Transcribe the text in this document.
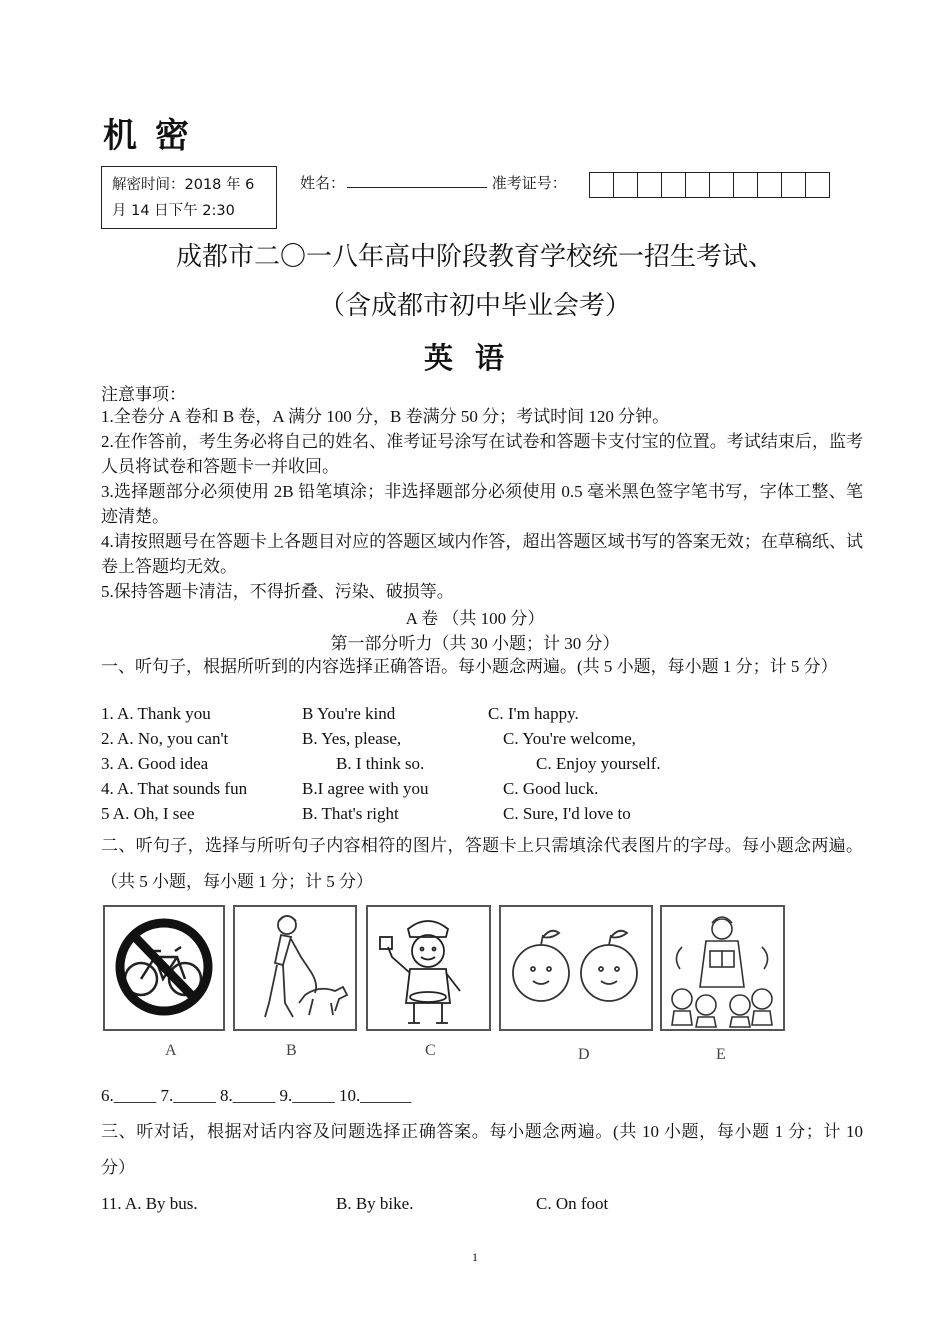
机密
解密时间：2018 年 6
月 14 日下午 2:30
姓名：	准考证号：
成都市二〇一八年高中阶段教育学校统一招生考试、
（含成都市初中毕业会考）
英语
注意事项：
1.全卷分 A 卷和 B 卷，A 满分 100 分，B 卷满分 50 分；考试时间 120 分钟。
2.在作答前，考生务必将自己的姓名、准考证号涂写在试卷和答题卡支付宝的位置。考试结束后，监考人员将试卷和答题卡一并收回。
3.选择题部分必须使用 2B 铅笔填涂；非选择题部分必须使用 0.5 毫米黑色签字笔书写，字体工整、笔迹清楚。
4.请按照题号在答题卡上各题目对应的答题区域内作答，超出答题区域书写的答案无效；在草稿纸、试卷上答题均无效。
5.保持答题卡清洁，不得折叠、污染、破损等。
A 卷 （共 100 分）
第一部分听力（共 30 小题；计 30 分）
一、听句子，根据所听到的内容选择正确答语。每小题念两遍。(共 5 小题，每小题 1 分；计 5 分）
1. A. Thank you	B You're kind	C. I'm happy.
2. A. No, you can't	B. Yes, please,	C. You're welcome,
3. A. Good idea	B. I think so.	C. Enjoy yourself.
4. A. That sounds fun	B.I agree with you	C. Good luck.
5 A. Oh, I see	B. That's right	C. Sure, I'd love to
二、听句子，选择与所听句子内容相符的图片，答题卡上只需填涂代表图片的字母。每小题念两遍。（共 5 小题，每小题 1 分；计 5 分）
A	B	C	D	E
6._____ 7._____ 8._____ 9._____ 10.______
三、听对话，根据对话内容及问题选择正确答案。每小题念两遍。(共 10 小题，每小题 1 分；计 10 分）
11. A. By bus.	B. By bike.	C. On foot
1
